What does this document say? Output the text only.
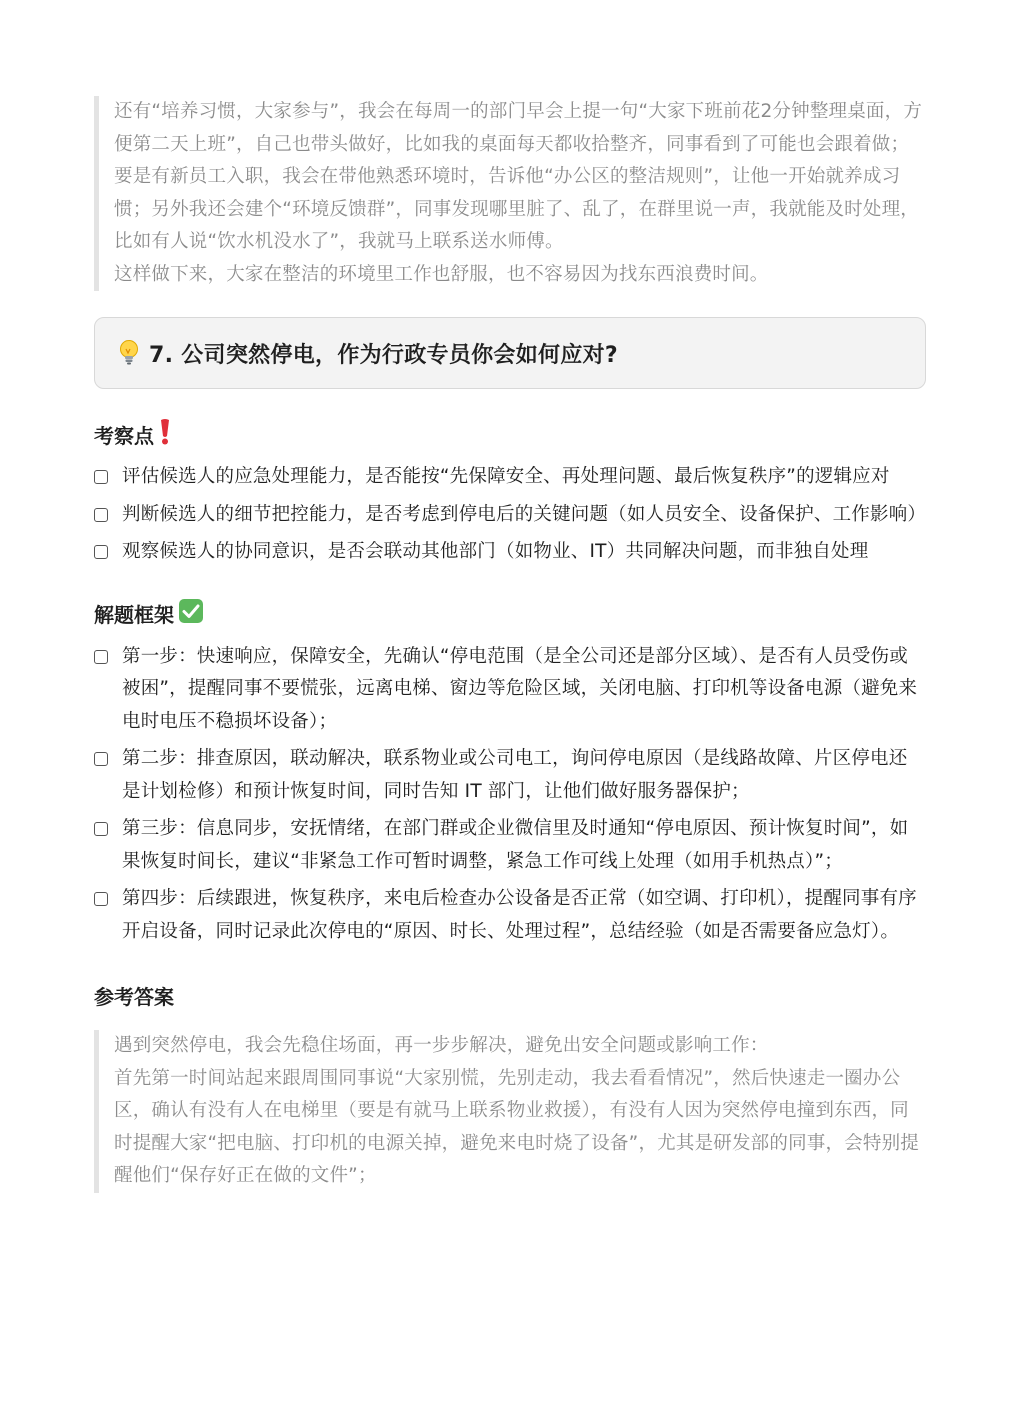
还有“培养习惯，大家参与”，我会在每周一的部门早会上提一句“大家下班前花2分钟整理桌面，方便第二天上班”，自己也带头做好，比如我的桌面每天都收拾整齐，同事看到了可能也会跟着做；要是有新员工入职，我会在带他熟悉环境时，告诉他“办公区的整洁规则”，让他一开始就养成习惯；另外我还会建个“环境反馈群”，同事发现哪里脏了、乱了，在群里说一声，我就能及时处理，比如有人说“饮水机没水了”，我就马上联系送水师傅。

这样做下来，大家在整洁的环境里工作也舒服，也不容易因为找东西浪费时间。

7. 公司突然停电，作为行政专员你会如何应对?
考察点
评估候选人的应急处理能力，是否能按“先保障安全、再处理问题、最后恢复秩序”的逻辑应对
判断候选人的细节把控能力，是否考虑到停电后的关键问题（如人员安全、设备保护、工作影响）
观察候选人的协同意识，是否会联动其他部门（如物业、IT）共同解决问题，而非独自处理
解题框架
第一步：快速响应，保障安全，先确认“停电范围（是全公司还是部分区域）、是否有人员受伤或被困”，提醒同事不要慌张，远离电梯、窗边等危险区域，关闭电脑、打印机等设备电源（避免来电时电压不稳损坏设备）；
第二步：排查原因，联动解决，联系物业或公司电工，询问停电原因（是线路故障、片区停电还是计划检修）和预计恢复时间，同时告知 IT 部门，让他们做好服务器保护；
第三步：信息同步，安抚情绪，在部门群或企业微信里及时通知“停电原因、预计恢复时间”，如果恢复时间长，建议“非紧急工作可暂时调整，紧急工作可线上处理（如用手机热点）”；
第四步：后续跟进，恢复秩序，来电后检查办公设备是否正常（如空调、打印机），提醒同事有序开启设备，同时记录此次停电的“原因、时长、处理过程”，总结经验（如是否需要备应急灯）。
参考答案

遇到突然停电，我会先稳住场面，再一步步解决，避免出安全问题或影响工作：

首先第一时间站起来跟周围同事说“大家别慌，先别走动，我去看看情况”，然后快速走一圈办公区，确认有没有人在电梯里（要是有就马上联系物业救援），有没有人因为突然停电撞到东西，同时提醒大家“把电脑、打印机的电源关掉，避免来电时烧了设备”，尤其是研发部的同事，会特别提醒他们“保存好正在做的文件”；
